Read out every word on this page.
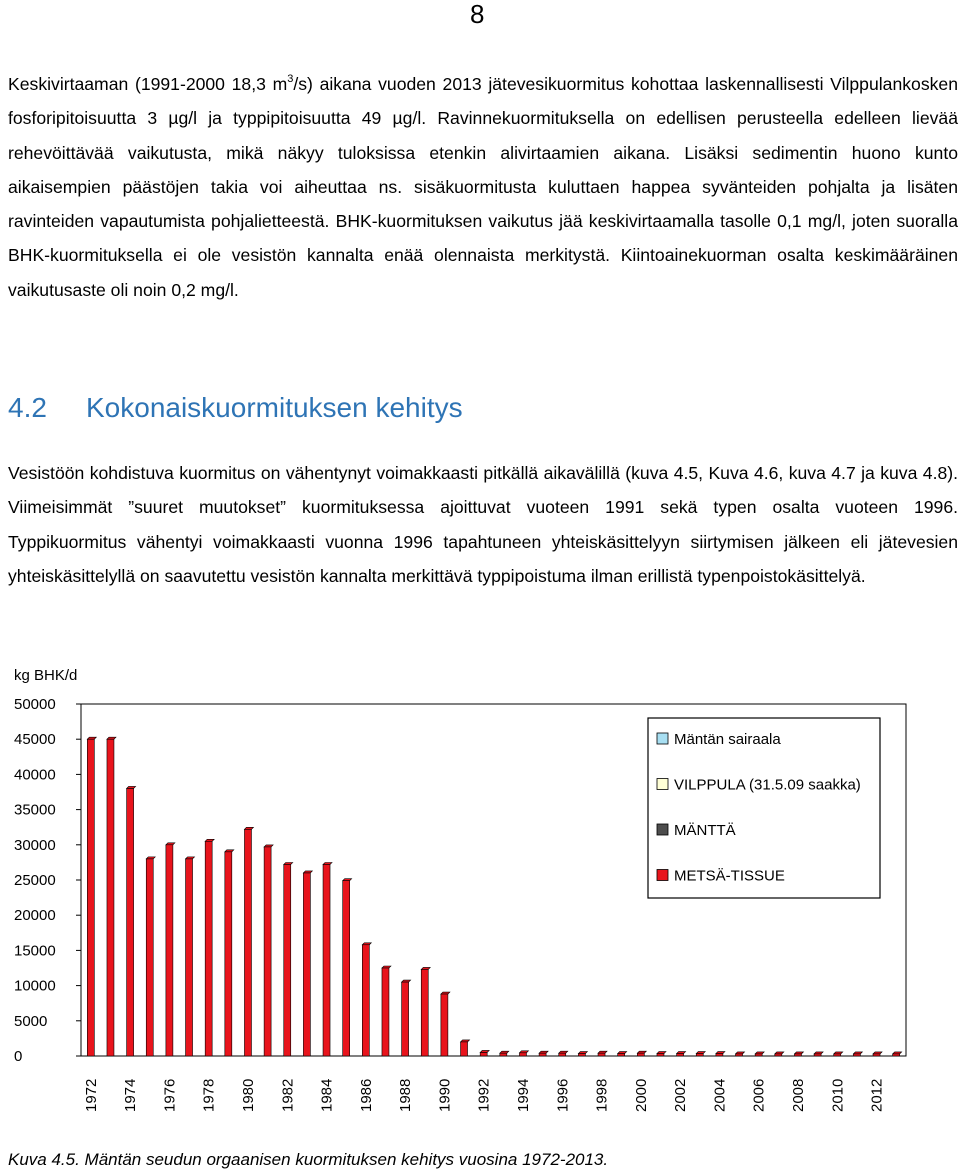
8

Keskivirtaaman (1991-2000 18,3 $m^3/s$) aikana vuoden 2013 jätevesikuormitus kohottaa laskennallisesti Vilppulankosken fosforipitoisuutta 3 µg/l ja typpipitoisuutta 49 µg/l. Ravinnekuormituksella on edellisen perusteella edelleen lievää rehevöittävää vaikutusta, mikä näkyy tuloksissa etenkin alivirtaamien aikana. Lisäksi sedimentin huono kunto aikaisempien päästöjen takia voi aiheuttaa ns. sisäkuormitusta kuluttaen happea syvänteiden pohjalta ja lisäten ravinteiden vapautumista pohjalietteestä. BHK-kuormituksen vaikutus jää keskivirtaamalla tasolle 0,1 mg/l, joten suoralla BHK-kuormituksella ei ole vesistön kannalta enää olennaista merkitystä. Kiintoainekuorman osalta keskimääräinen vaikutusaste oli noin 0,2 mg/l.

4.2 Kokonaiskuormituksen kehitys

Vesistöön kohdistuva kuormitus on vähentynyt voimakkaasti pitkällä aikavälillä (kuva 4.5, Kuva 4.6, kuva 4.7 ja kuva 4.8). Viimeisimmät ”suuret muutokset” kuormituksessa ajoittuvat vuoteen 1991 sekä typen osalta vuoteen 1996. Typpikuormitus vähentyi voimakkaasti vuonna 1996 tapahtuneen yhteiskäsittelyyn siirtymisen jälkeen eli jätevesien yhteiskäsittelyllä on saavutettu vesistön kannalta merkittävä typpipoistuma ilman erillistä typenpoistokäsittelyä.

kg BHK/d
0
5000
10000
15000
20000
25000
30000
35000
40000
45000
50000
1972 1974 1976 1978 1980 1982 1984 1986 1988 1990 1992 1994 1996 1998 2000 2002 2004 2006 2008 2010 2012
Mäntän sairaala
VILPPULA (31.5.09 saakka)
MÄNTTÄ
METSÄ-TISSUE
Kuva 4.5. Mäntän seudun orgaanisen kuormituksen kehitys vuosina 1972-2013.
